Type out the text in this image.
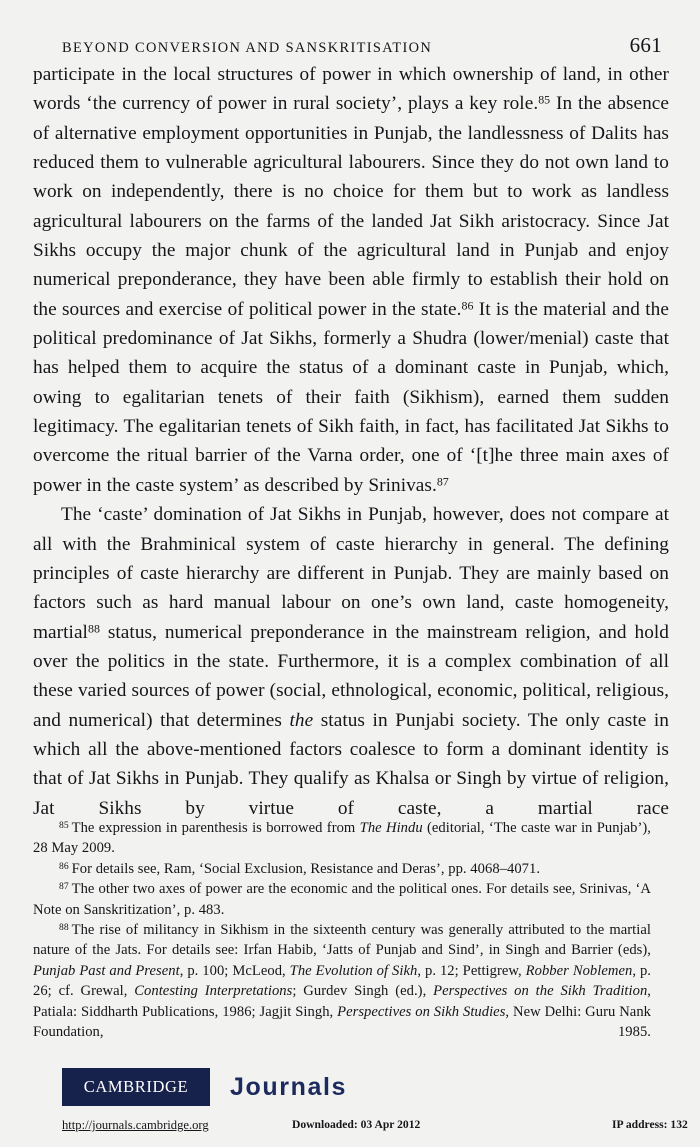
BEYOND CONVERSION AND SANSKRITISATION	661

participate in the local structures of power in which ownership of land, in other words ‘the currency of power in rural society’, plays a key role.$^{85}$ In the absence of alternative employment opportunities in Punjab, the landlessness of Dalits has reduced them to vulnerable agricultural labourers. Since they do not own land to work on independently, there is no choice for them but to work as landless agricultural labourers on the farms of the landed Jat Sikh aristocracy. Since Jat Sikhs occupy the major chunk of the agricultural land in Punjab and enjoy numerical preponderance, they have been able firmly to establish their hold on the sources and exercise of political power in the state.$^{86}$ It is the material and the political predominance of Jat Sikhs, formerly a Shudra (lower/menial) caste that has helped them to acquire the status of a dominant caste in Punjab, which, owing to egalitarian tenets of their faith (Sikhism), earned them sudden legitimacy. The egalitarian tenets of Sikh faith, in fact, has facilitated Jat Sikhs to overcome the ritual barrier of the Varna order, one of ‘[t]he three main axes of power in the caste system’ as described by Srinivas.$^{87}$

The ‘caste’ domination of Jat Sikhs in Punjab, however, does not compare at all with the Brahminical system of caste hierarchy in general. The defining principles of caste hierarchy are different in Punjab. They are mainly based on factors such as hard manual labour on one’s own land, caste homogeneity, martial$^{88}$ status, numerical preponderance in the mainstream religion, and hold over the politics in the state. Furthermore, it is a complex combination of all these varied sources of power (social, ethnological, economic, political, religious, and numerical) that determines the status in Punjabi society. The only caste in which all the above-mentioned factors coalesce to form a dominant identity is that of Jat Sikhs in Punjab. They qualify as Khalsa or Singh by virtue of religion, Jat Sikhs by virtue of caste, a martial race

$^{85}$ The expression in parenthesis is borrowed from The Hindu (editorial, ‘The caste war in Punjab’), 28 May 2009.

$^{86}$ For details see, Ram, ‘Social Exclusion, Resistance and Deras’, pp. 4068–4071.

$^{87}$ The other two axes of power are the economic and the political ones. For details see, Srinivas, ‘A Note on Sanskritization’, p. 483.

$^{88}$ The rise of militancy in Sikhism in the sixteenth century was generally attributed to the martial nature of the Jats. For details see: Irfan Habib, ‘Jatts of Punjab and Sind’, in Singh and Barrier (eds), Punjab Past and Present, p. 100; McLeod, The Evolution of Sikh, p. 12; Pettigrew, Robber Noblemen, p. 26; cf. Grewal, Contesting Interpretations; Gurdev Singh (ed.), Perspectives on the Sikh Tradition, Patiala: Siddharth Publications, 1986; Jagjit Singh, Perspectives on Sikh Studies, New Delhi: Guru Nank Foundation, 1985.

CAMBRIDGE Journals
http://journals.cambridge.org	Downloaded: 03 Apr 2012	IP address: 132
